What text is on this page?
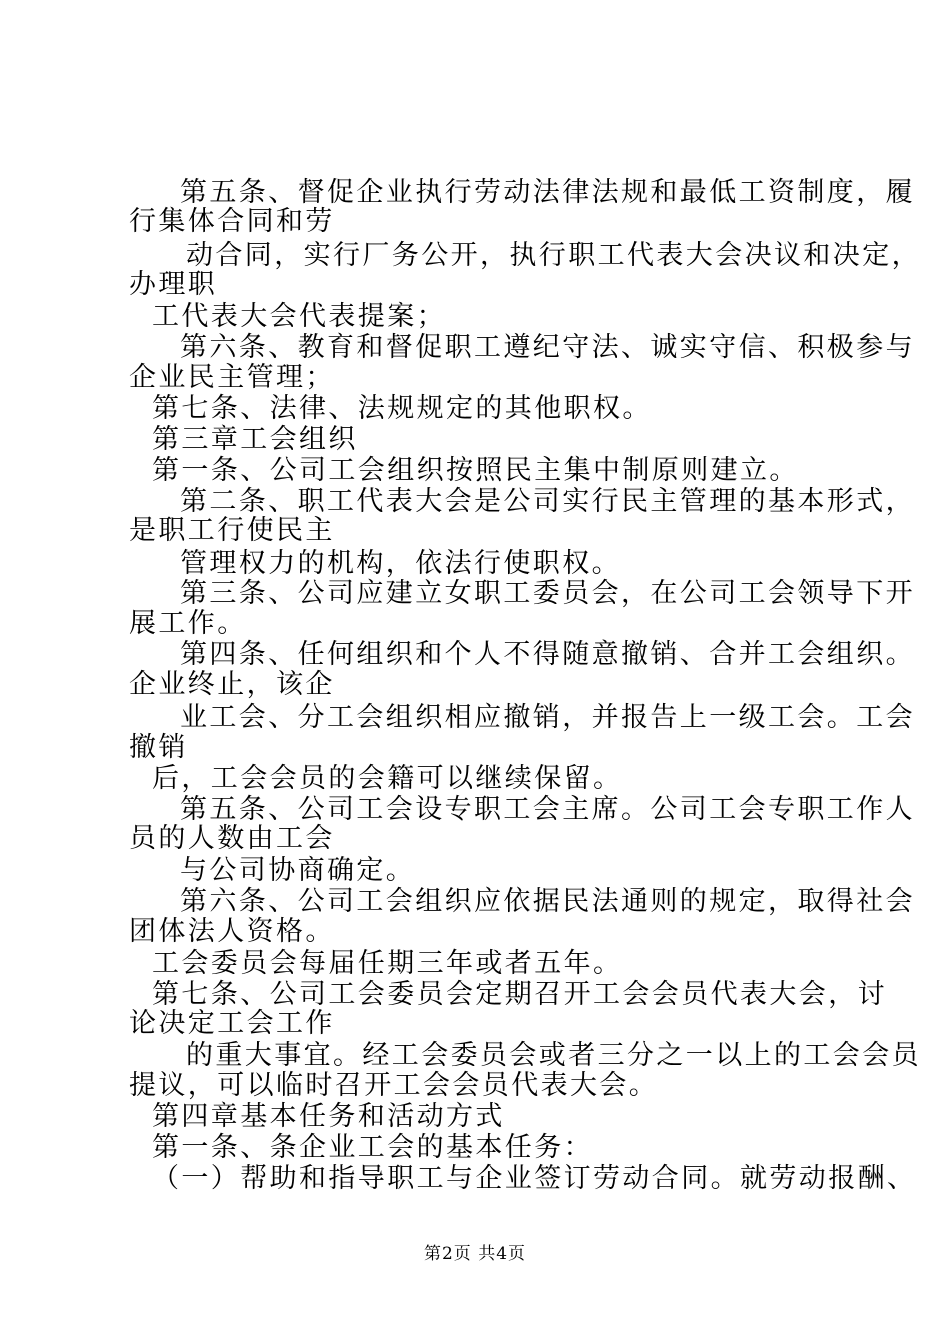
第五条、督促企业执行劳动法律法规和最低工资制度，履
行集体合同和劳
动合同，实行厂务公开，执行职工代表大会决议和决定，
办理职
工代表大会代表提案；
第六条、教育和督促职工遵纪守法、诚实守信、积极参与
企业民主管理；
第七条、法律、法规规定的其他职权。
第三章工会组织
第一条、公司工会组织按照民主集中制原则建立。
第二条、职工代表大会是公司实行民主管理的基本形式，
是职工行使民主
管理权力的机构，依法行使职权。
第三条、公司应建立女职工委员会，在公司工会领导下开
展工作。
第四条、任何组织和个人不得随意撤销、合并工会组织。
企业终止，该企
业工会、分工会组织相应撤销，并报告上一级工会。工会
撤销
后，工会会员的会籍可以继续保留。
第五条、公司工会设专职工会主席。公司工会专职工作人
员的人数由工会
与公司协商确定。
第六条、公司工会组织应依据民法通则的规定，取得社会
团体法人资格。
工会委员会每届任期三年或者五年。
第七条、公司工会委员会定期召开工会会员代表大会，讨
论决定工会工作
的重大事宜。经工会委员会或者三分之一以上的工会会员
提议，可以临时召开工会会员代表大会。
第四章基本任务和活动方式
第一条、条企业工会的基本任务：
（一）帮助和指导职工与企业签订劳动合同。就劳动报酬、
第2页 共4页
